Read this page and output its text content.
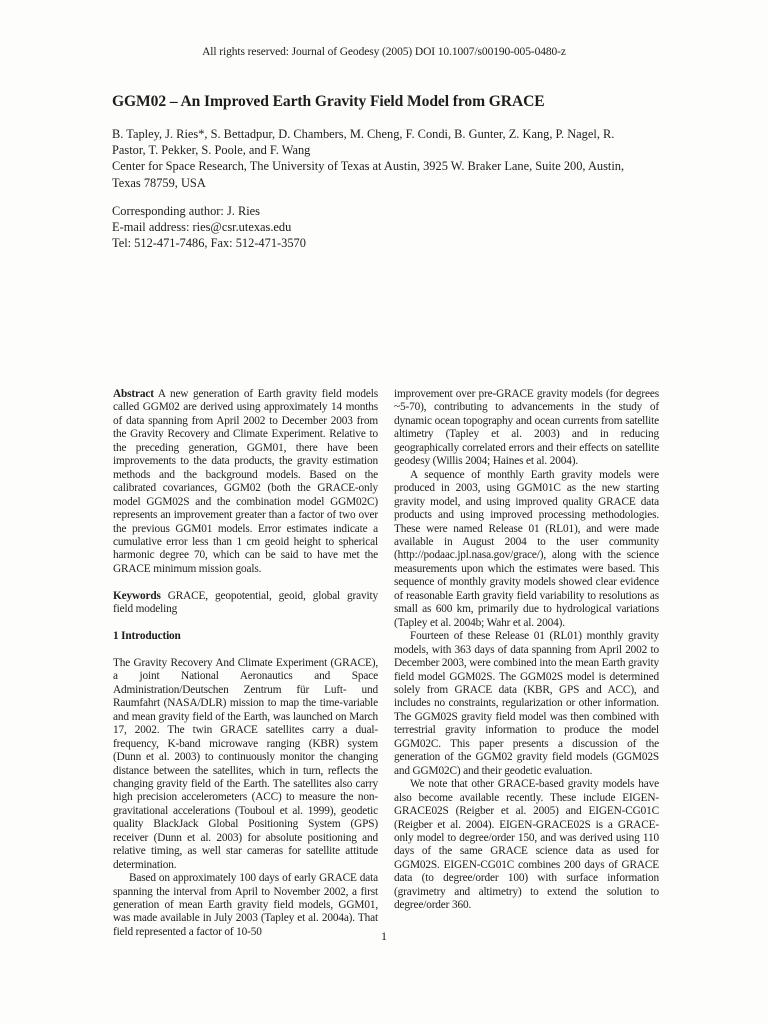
All rights reserved: Journal of Geodesy (2005) DOI 10.1007/s00190-005-0480-z
GGM02 – An Improved Earth Gravity Field Model from GRACE
B. Tapley, J. Ries*, S. Bettadpur, D. Chambers, M. Cheng, F. Condi, B. Gunter, Z. Kang, P. Nagel, R.
Pastor, T. Pekker, S. Poole, and F. Wang
Center for Space Research, The University of Texas at Austin, 3925 W. Braker Lane, Suite 200, Austin,
Texas 78759, USA
Corresponding author: J. Ries
E-mail address: ries@csr.utexas.edu
Tel: 512-471-7486, Fax: 512-471-3570

Abstract A new generation of Earth gravity field models called GGM02 are derived using approximately 14 months of data spanning from April 2002 to December 2003 from the Gravity Recovery and Climate Experiment. Relative to the preceding generation, GGM01, there have been improvements to the data products, the gravity estimation methods and the background models. Based on the calibrated covariances, GGM02 (both the GRACE-only model GGM02S and the combination model GGM02C) represents an improvement greater than a factor of two over the previous GGM01 models. Error estimates indicate a cumulative error less than 1 cm geoid height to spherical harmonic degree 70, which can be said to have met the GRACE minimum mission goals.

Keywords GRACE, geopotential, geoid, global gravity field modeling

1 Introduction

The Gravity Recovery And Climate Experiment (GRACE), a joint National Aeronautics and Space Administration/Deutschen Zentrum für Luft- und Raumfahrt (NASA/DLR) mission to map the time-variable and mean gravity field of the Earth, was launched on March 17, 2002. The twin GRACE satellites carry a dual-frequency, K-band microwave ranging (KBR) system (Dunn et al. 2003) to continuously monitor the changing distance between the satellites, which in turn, reflects the changing gravity field of the Earth. The satellites also carry high precision accelerometers (ACC) to measure the non-gravitational accelerations (Touboul et al. 1999), geodetic quality BlackJack Global Positioning System (GPS) receiver (Dunn et al. 2003) for absolute positioning and relative timing, as well star cameras for satellite attitude determination.

Based on approximately 100 days of early GRACE data spanning the interval from April to November 2002, a first generation of mean Earth gravity field models, GGM01, was made available in July 2003 (Tapley et al. 2004a). That field represented a factor of 10-50

improvement over pre-GRACE gravity models (for degrees ~5-70), contributing to advancements in the study of dynamic ocean topography and ocean currents from satellite altimetry (Tapley et al. 2003) and in reducing geographically correlated errors and their effects on satellite geodesy (Willis 2004; Haines et al. 2004).

A sequence of monthly Earth gravity models were produced in 2003, using GGM01C as the new starting gravity model, and using improved quality GRACE data products and using improved processing methodologies. These were named Release 01 (RL01), and were made available in August 2004 to the user community (http://podaac.jpl.nasa.gov/grace/), along with the science measurements upon which the estimates were based. This sequence of monthly gravity models showed clear evidence of reasonable Earth gravity field variability to resolutions as small as 600 km, primarily due to hydrological variations (Tapley et al. 2004b; Wahr et al. 2004).

Fourteen of these Release 01 (RL01) monthly gravity models, with 363 days of data spanning from April 2002 to December 2003, were combined into the mean Earth gravity field model GGM02S. The GGM02S model is determined solely from GRACE data (KBR, GPS and ACC), and includes no constraints, regularization or other information. The GGM02S gravity field model was then combined with terrestrial gravity information to produce the model GGM02C. This paper presents a discussion of the generation of the GGM02 gravity field models (GGM02S and GGM02C) and their geodetic evaluation.

We note that other GRACE-based gravity models have also become available recently. These include EIGEN-GRACE02S (Reigber et al. 2005) and EIGEN-CG01C (Reigber et al. 2004). EIGEN-GRACE02S is a GRACE-only model to degree/order 150, and was derived using 110 days of the same GRACE science data as used for GGM02S. EIGEN-CG01C combines 200 days of GRACE data (to degree/order 100) with surface information (gravimetry and altimetry) to extend the solution to degree/order 360.

1
